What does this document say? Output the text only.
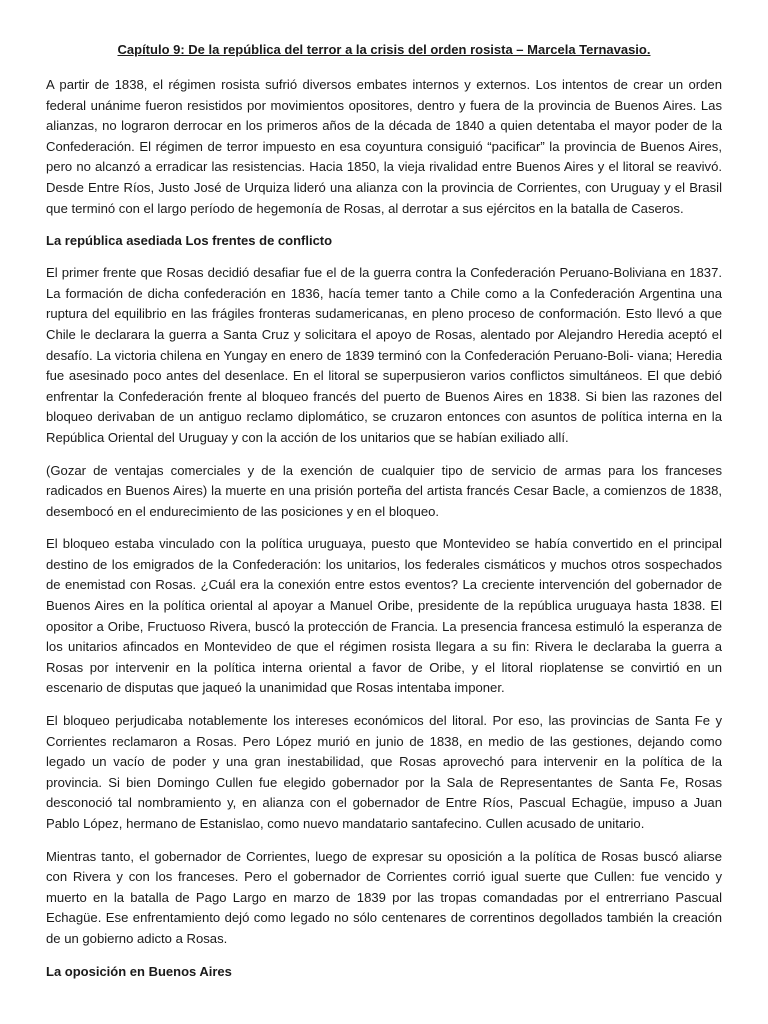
Capítulo 9: De la república del terror a la crisis del orden rosista – Marcela Ternavasio.

A partir de 1838, el régimen rosista sufrió diversos embates internos y externos. Los intentos de crear un orden federal unánime fueron resistidos por movimientos opositores, dentro y fuera de la provincia de Buenos Aires. Las alianzas, no lograron derrocar en los primeros años de la década de 1840 a quien detentaba el mayor poder de la Confederación. El régimen de terror impuesto en esa coyuntura consiguió “pacificar” la provincia de Buenos Aires, pero no alcanzó a erradicar las resistencias. Hacia 1850, la vieja rivalidad entre Buenos Aires y el litoral se reavivó. Desde Entre Ríos, Justo José de Urquiza lideró una alianza con la provincia de Corrientes, con Uruguay y el Brasil que terminó con el largo período de hegemonía de Rosas, al derrotar a sus ejércitos en la batalla de Caseros.

La república asediada Los frentes de conflicto

El primer frente que Rosas decidió desafiar fue el de la guerra contra la Confederación Peruano-Boliviana en 1837. La formación de dicha confederación en 1836, hacía temer tanto a Chile como a la Confederación Argentina una ruptura del equilibrio en las frágiles fronteras sudamericanas, en pleno proceso de conformación. Esto llevó a que Chile le declarara la guerra a Santa Cruz y solicitara el apoyo de Rosas, alentado por Alejandro Heredia aceptó el desafío. La victoria chilena en Yungay en enero de 1839 terminó con la Confederación Peruano-Boli- viana; Heredia fue asesinado poco antes del desenlace. En el litoral se superpusieron varios conflictos simultáneos. El que debió enfrentar la Confederación frente al bloqueo francés del puerto de Buenos Aires en 1838. Si bien las razones del bloqueo derivaban de un antiguo reclamo diplomático, se cruzaron entonces con asuntos de política interna en la República Oriental del Uruguay y con la acción de los unitarios que se habían exiliado allí.

(Gozar de ventajas comerciales y de la exención de cualquier tipo de servicio de armas para los franceses radicados en Buenos Aires) la muerte en una prisión porteña del artista francés Cesar Bacle, a comienzos de 1838, desembocó en el endurecimiento de las posiciones y en el bloqueo.

El bloqueo estaba vinculado con la política uruguaya, puesto que Montevideo se había convertido en el principal destino de los emigrados de la Confederación: los unitarios, los federales cismáticos y muchos otros sospechados de enemistad con Rosas. ¿Cuál era la conexión entre estos eventos? La creciente intervención del gobernador de Buenos Aires en la política oriental al apoyar a Manuel Oribe, presidente de la república uruguaya hasta 1838. El opositor a Oribe, Fructuoso Rivera, buscó la protección de Francia. La presencia francesa estimuló la esperanza de los unitarios afincados en Montevideo de que el régimen rosista llegara a su fin: Rivera le declaraba la guerra a Rosas por intervenir en la política interna oriental a favor de Oribe, y el litoral rioplatense se convirtió en un escenario de disputas que jaqueó la unanimidad que Rosas intentaba imponer.

El bloqueo perjudicaba notablemente los intereses económicos del litoral. Por eso, las provincias de Santa Fe y Corrientes reclamaron a Rosas. Pero López murió en junio de 1838, en medio de las gestiones, dejando como legado un vacío de poder y una gran inestabilidad, que Rosas aprovechó para intervenir en la política de la provincia. Si bien Domingo Cullen fue elegido gobernador por la Sala de Representantes de Santa Fe, Rosas desconoció tal nombramiento y, en alianza con el gobernador de Entre Ríos, Pascual Echagüe, impuso a Juan Pablo López, hermano de Estanislao, como nuevo mandatario santafecino. Cullen acusado de unitario.

Mientras tanto, el gobernador de Corrientes, luego de expresar su oposición a la política de Rosas buscó aliarse con Rivera y con los franceses. Pero el gobernador de Corrientes corrió igual suerte que Cullen: fue vencido y muerto en la batalla de Pago Largo en marzo de 1839 por las tropas comandadas por el entrerriano Pascual Echagüe. Ese enfrentamiento dejó como legado no sólo centenares de correntinos degollados también la creación de un gobierno adicto a Rosas.

La oposición en Buenos Aires
